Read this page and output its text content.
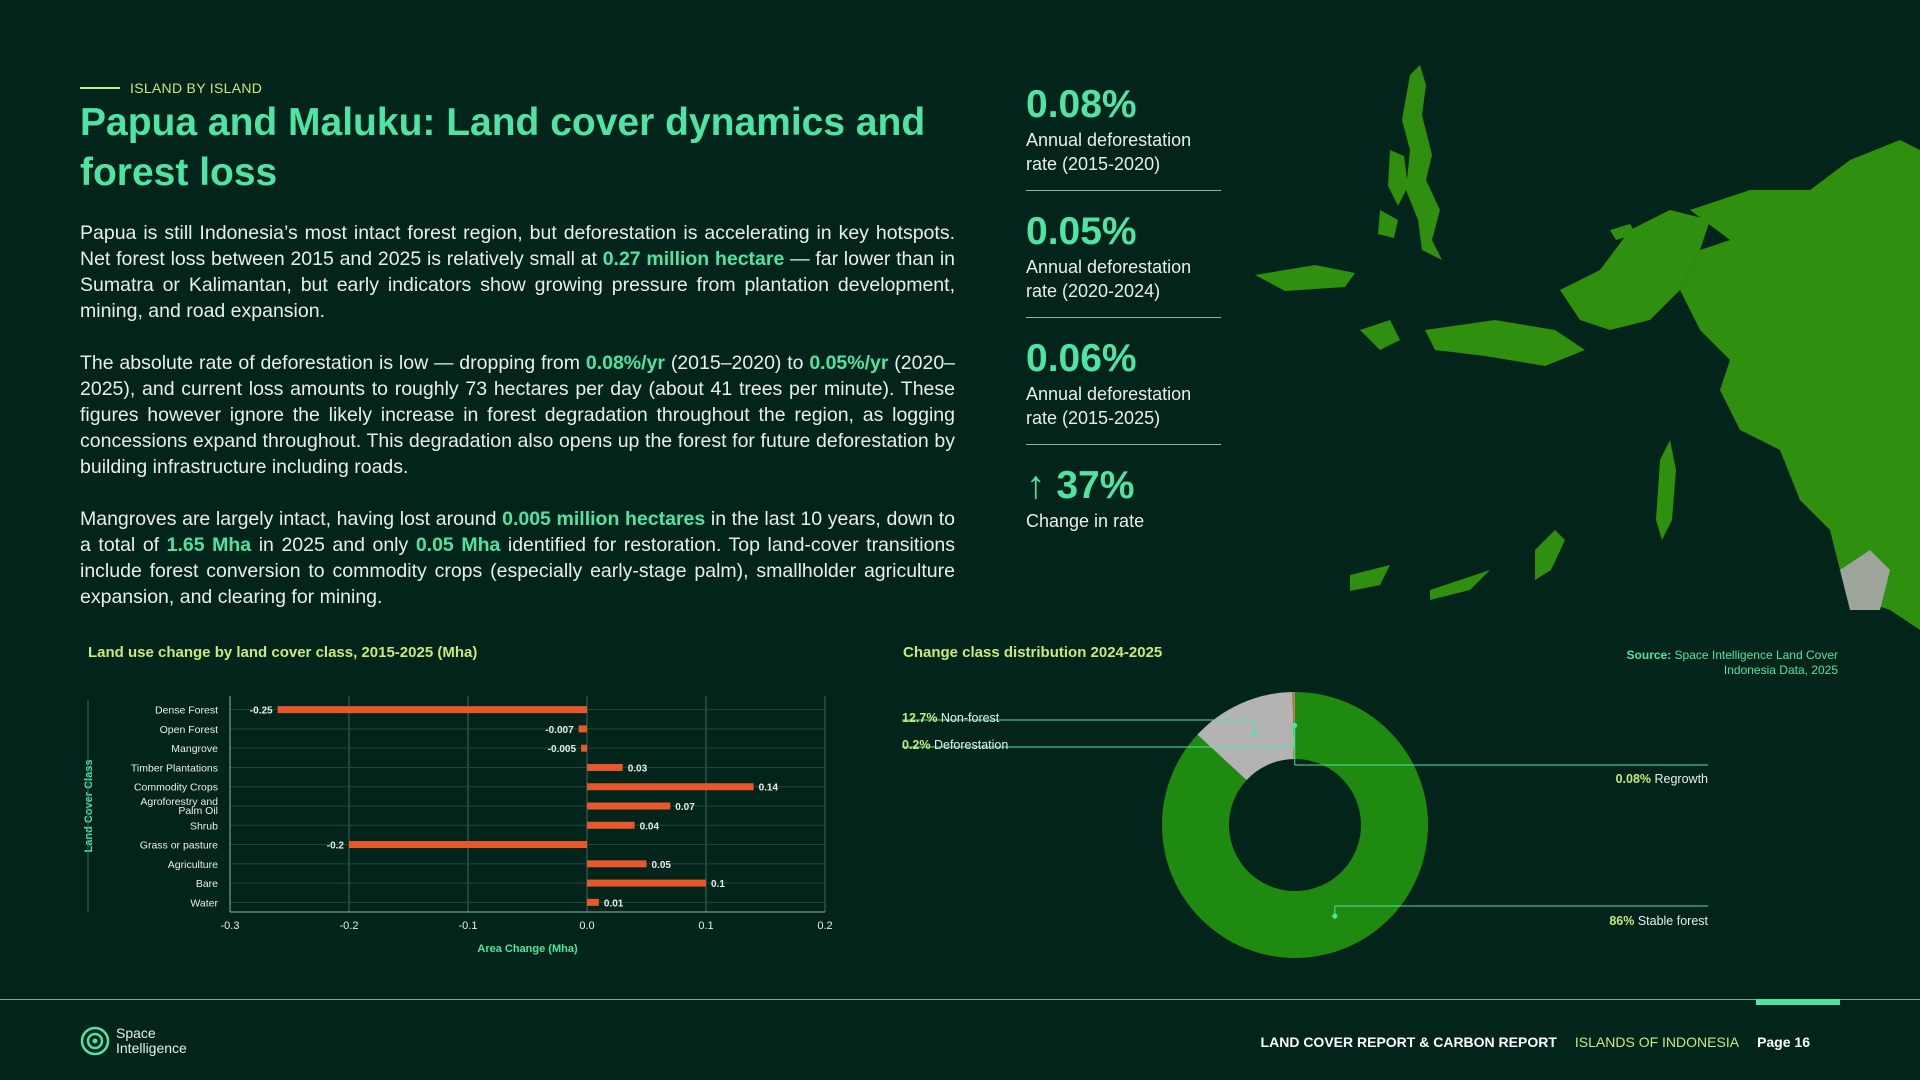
ISLAND BY ISLAND
Papua and Maluku: Land cover dynamics and forest loss

Papua is still Indonesia’s most intact forest region, but deforestation is accelerating in key hotspots. Net forest loss between 2015 and 2025 is relatively small at 0.27 million hectare — far lower than in Sumatra or Kalimantan, but early indicators show growing pressure from plantation development, mining, and road expansion.

The absolute rate of deforestation is low — dropping from 0.08%/yr (2015–2020) to 0.05%/yr (2020–2025), and current loss amounts to roughly 73 hectares per day (about 41 trees per minute). These figures however ignore the likely increase in forest degradation throughout the region, as logging concessions expand throughout. This degradation also opens up the forest for future deforestation by building infrastructure including roads.

Mangroves are largely intact, having lost around 0.005 million hectares in the last 10 years, down to a total of 1.65 Mha in 2025 and only 0.05 Mha identified for restoration. Top land-cover transitions include forest conversion to commodity crops (especially early-stage palm), smallholder agriculture expansion, and clearing for mining.

0.08%
Annual deforestation rate (2015-2020)
0.05%
Annual deforestation rate (2020-2024)
0.06%
Annual deforestation rate (2015-2025)
↑ 37%
Change in rate
Land use change by land cover class, 2015-2025 (Mha)	Change class distribution 2024-2025	Source: Space Intelligence Land Cover Indonesia Data, 2025
-0.3	-0.2	-0.1	0.0	0.1	0.2
Dense Forest	-0.25
Open Forest	-0.007
Mangrove	-0.005
Timber Plantations	0.03
Commodity Crops	0.14
Agroforestry and
Palm Oil	0.07
Shrub	0.04
Grass or pasture	-0.2
Agriculture	0.05
Bare	0.1
Water	0.01
Area Change (Mha)
Land Cover Class
12.7% Non-forest
0.2% Deforestation
0.08% Regrowth
86% Stable forest
Space
Intelligence	LAND COVER REPORT & CARBON REPORT ISLANDS OF INDONESIA Page 16
